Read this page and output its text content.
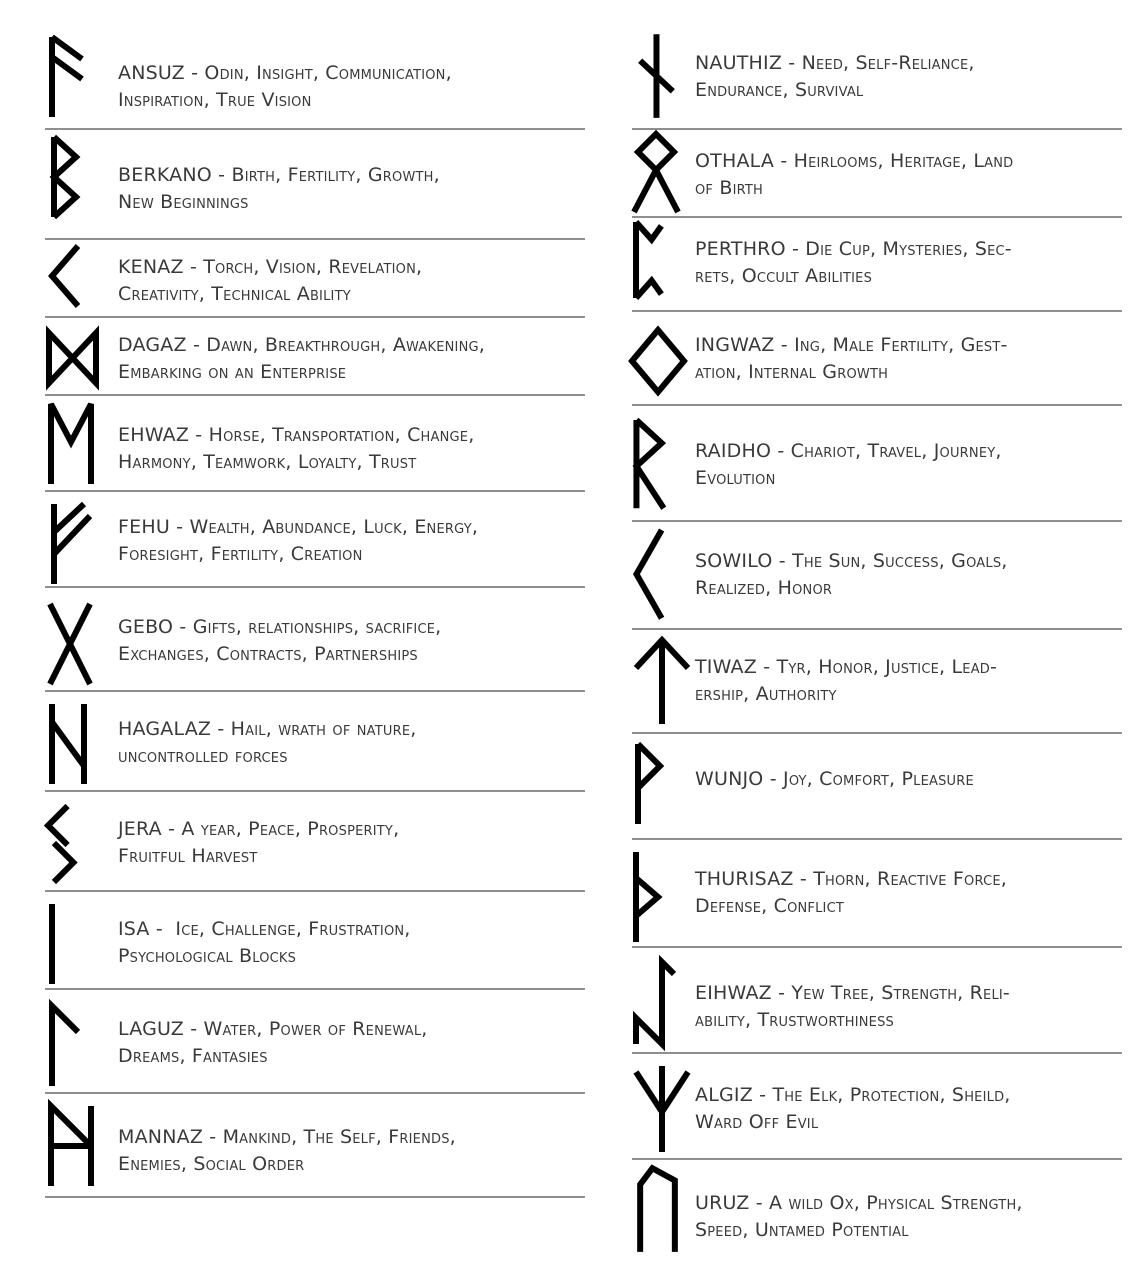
ANSUZ - Odin, Insight, Communication,
Inspiration, True Vision
BERKANO - Birth, Fertility, Growth,
New Beginnings
KENAZ - Torch, Vision, Revelation,
Creativity, Technical Ability
DAGAZ - Dawn, Breakthrough, Awakening,
Embarking on an Enterprise
EHWAZ - Horse, Transportation, Change,
Harmony, Teamwork, Loyalty, Trust
FEHU - Wealth, Abundance, Luck, Energy,
Foresight, Fertility, Creation
GEBO - Gifts, relationships, sacrifice,
Exchanges, Contracts, Partnerships
HAGALAZ - Hail, wrath of nature,
uncontrolled forces
JERA - A year, Peace, Prosperity,
Fruitful Harvest
ISA -  Ice, Challenge, Frustration,
Psychological Blocks
LAGUZ - Water, Power of Renewal,
Dreams, Fantasies
MANNAZ - Mankind, The Self, Friends,
Enemies, Social Order
NAUTHIZ - Need, Self-Reliance,
Endurance, Survival
OTHALA - Heirlooms, Heritage, Land
of Birth
PERTHRO - Die Cup, Mysteries, Sec-
rets, Occult Abilities
INGWAZ - Ing, Male Fertility, Gest-
ation, Internal Growth
RAIDHO - Chariot, Travel, Journey,
Evolution
SOWILO - The Sun, Success, Goals,
Realized, Honor
TIWAZ - Tyr, Honor, Justice, Lead-
ership, Authority
WUNJO - Joy, Comfort, Pleasure
THURISAZ - Thorn, Reactive Force,
Defense, Conflict
EIHWAZ - Yew Tree, Strength, Reli-
ability, Trustworthiness
ALGIZ - The Elk, Protection, Sheild,
Ward Off Evil
URUZ - A wild Ox, Physical Strength,
Speed, Untamed Potential
